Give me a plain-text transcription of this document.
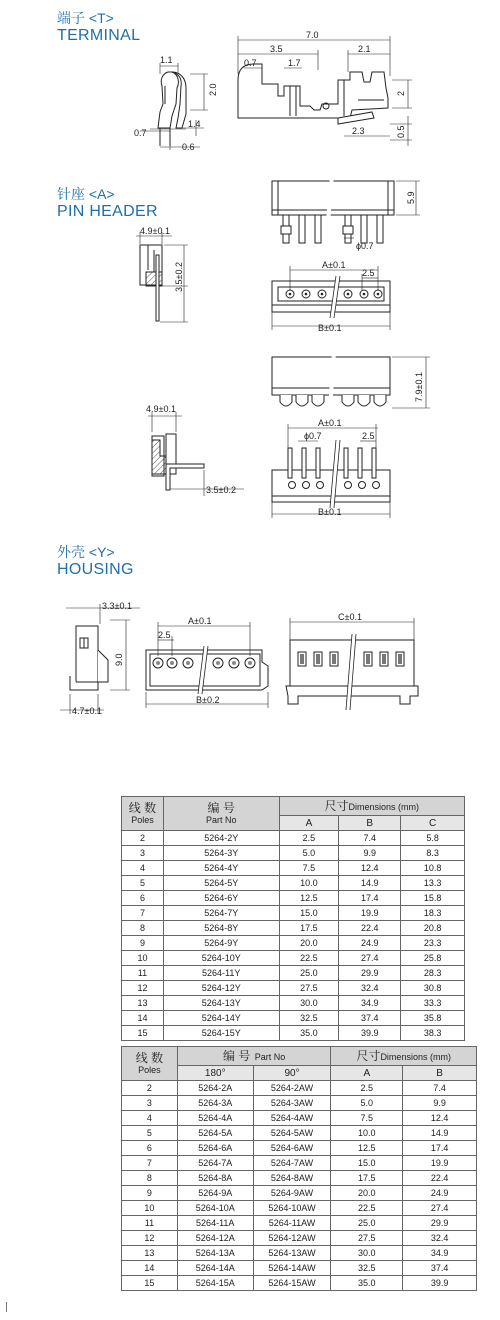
端子 <T>
TERMINAL
针座 <A>
PIN HEADER
外壳 <Y>
HOUSING
1.1
2.0
1.4
0.7
0.6
7.0
3.5	2.1
0.7	1.7
2
2.3	0.5
5.9
ϕ0.7
4.9±0.1
3.5±0.2	A±0.1
2.5
B±0.1
7.9±0.1
4.9±0.1
A±0.1
ϕ0.7	2.5
3.5±0.2
B±0.1
3.3±0.1
9.0
4.7±0.1
A±0.1
2.5
B±0.2
C±0.1
线 数
Poles	编 号
Part No	尺寸Dimensions (mm)		
		A	B	C
2	5264-2Y	2.5	7.4	5.8
3	5264-3Y	5.0	9.9	8.3
4	5264-4Y	7.5	12.4	10.8
5	5264-5Y	10.0	14.9	13.3
6	5264-6Y	12.5	17.4	15.8
7	5264-7Y	15.0	19.9	18.3
8	5264-8Y	17.5	22.4	20.8
9	5264-9Y	20.0	24.9	23.3
10	5264-10Y	22.5	27.4	25.8
11	5264-11Y	25.0	29.9	28.3
12	5264-12Y	27.5	32.4	30.8
13	5264-13Y	30.0	34.9	33.3
14	5264-14Y	32.5	37.4	35.8
15	5264-15Y	35.0	39.9	38.3
线 数
Poles	编 号 Part No		尺寸Dimensions (mm)	
	180°	90°	A	B
2	5264-2A	5264-2AW	2.5	7.4
3	5264-3A	5264-3AW	5.0	9.9
4	5264-4A	5264-4AW	7.5	12.4
5	5264-5A	5264-5AW	10.0	14.9
6	5264-6A	5264-6AW	12.5	17.4
7	5264-7A	5264-7AW	15.0	19.9
8	5264-8A	5264-8AW	17.5	22.4
9	5264-9A	5264-9AW	20.0	24.9
10	5264-10A	5264-10AW	22.5	27.4
11	5264-11A	5264-11AW	25.0	29.9
12	5264-12A	5264-12AW	27.5	32.4
13	5264-13A	5264-13AW	30.0	34.9
14	5264-14A	5264-14AW	32.5	37.4
15	5264-15A	5264-15AW	35.0	39.9
